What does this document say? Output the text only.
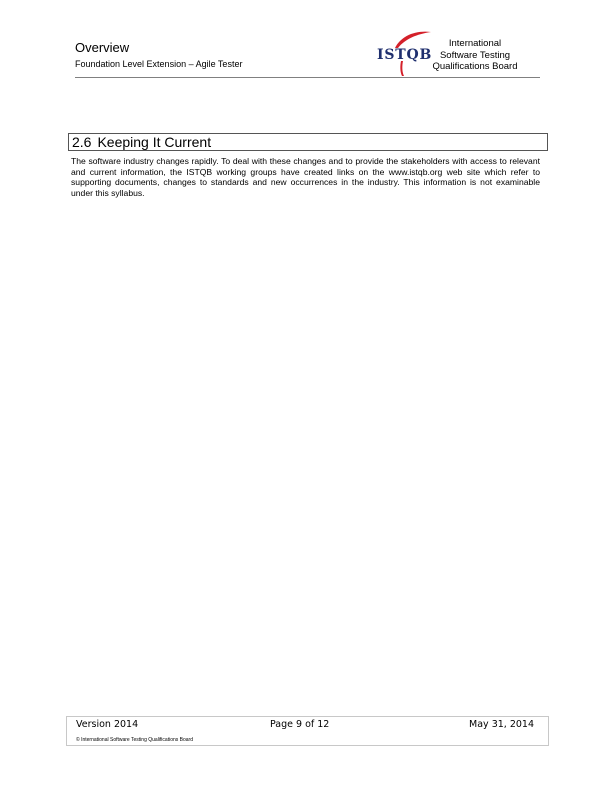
Overview
Foundation Level Extension – Agile Tester
ISTQB
International
Software Testing
Qualifications Board
2.6 Keeping It Current
The software industry changes rapidly. To deal with these changes and to provide the stakeholders with access to relevant and current information, the ISTQB working groups have created links on the www.istqb.org web site which refer to supporting documents, changes to standards and new occurrences in the industry. This information is not examinable under this syllabus.
Version 2014	Page 9 of 12	May 31, 2014
© International Software Testing Qualifications Board
